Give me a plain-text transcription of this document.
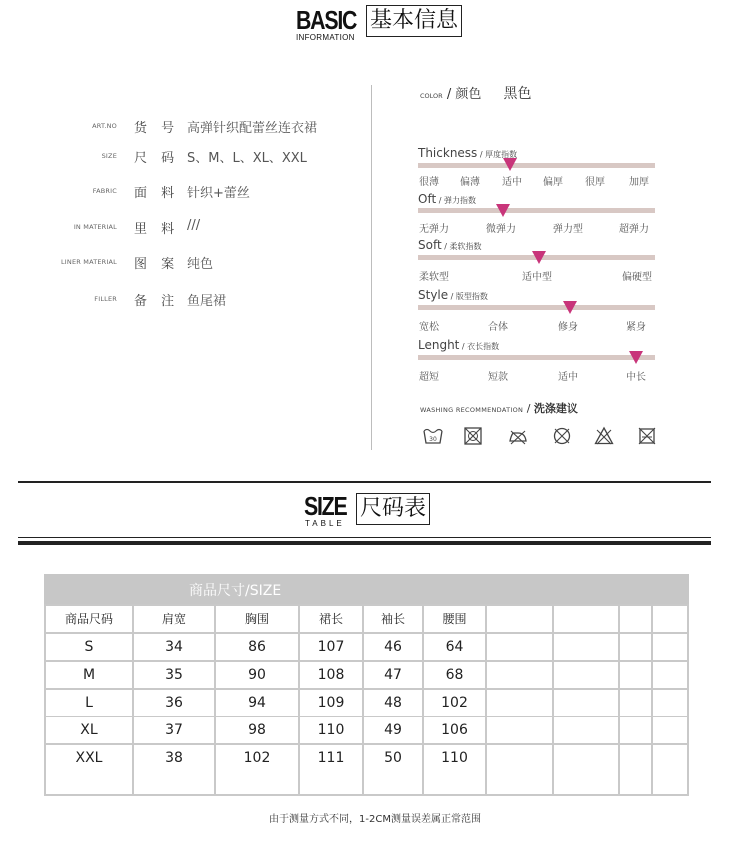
BASIC
INFORMATION
基本信息
ART.NO 货 号 高弹针织配蕾丝连衣裙
SIZE 尺 码 S、M、L、XL、XXL
FABRIC 面 料 针织+蕾丝
IN MATERIAL 里 料 ///
LINER MATERIAL 图 案 纯色
FILLER 备 注 鱼尾裙
COLOR / 颜色 黑色
Thickness / 厚度指数
很薄 偏薄 适中 偏厚 很厚 加厚
Oft / 弹力指数
无弹力	微弹力	弹力型	超弹力
Soft / 柔软指数
柔软型	适中型	偏硬型
Style / 版型指数
宽松	合体	修身	紧身
Lenght / 衣长指数
超短	短款	适中	中长
WASHING RECOMMENDATION / 洗涤建议
30
SIZE
TABLE
尺码表
商品尺寸/SIZE
商品尺码	肩宽	胸围	裙长	袖长	腰围
S	34	86	107	46	64
M	35	90	108	47	68
L	36	94	109	48	102
XL	37	98	110	49	106
XXL	38	102	111	50	110
由于测量方式不同，1-2CM测量误差属正常范围
